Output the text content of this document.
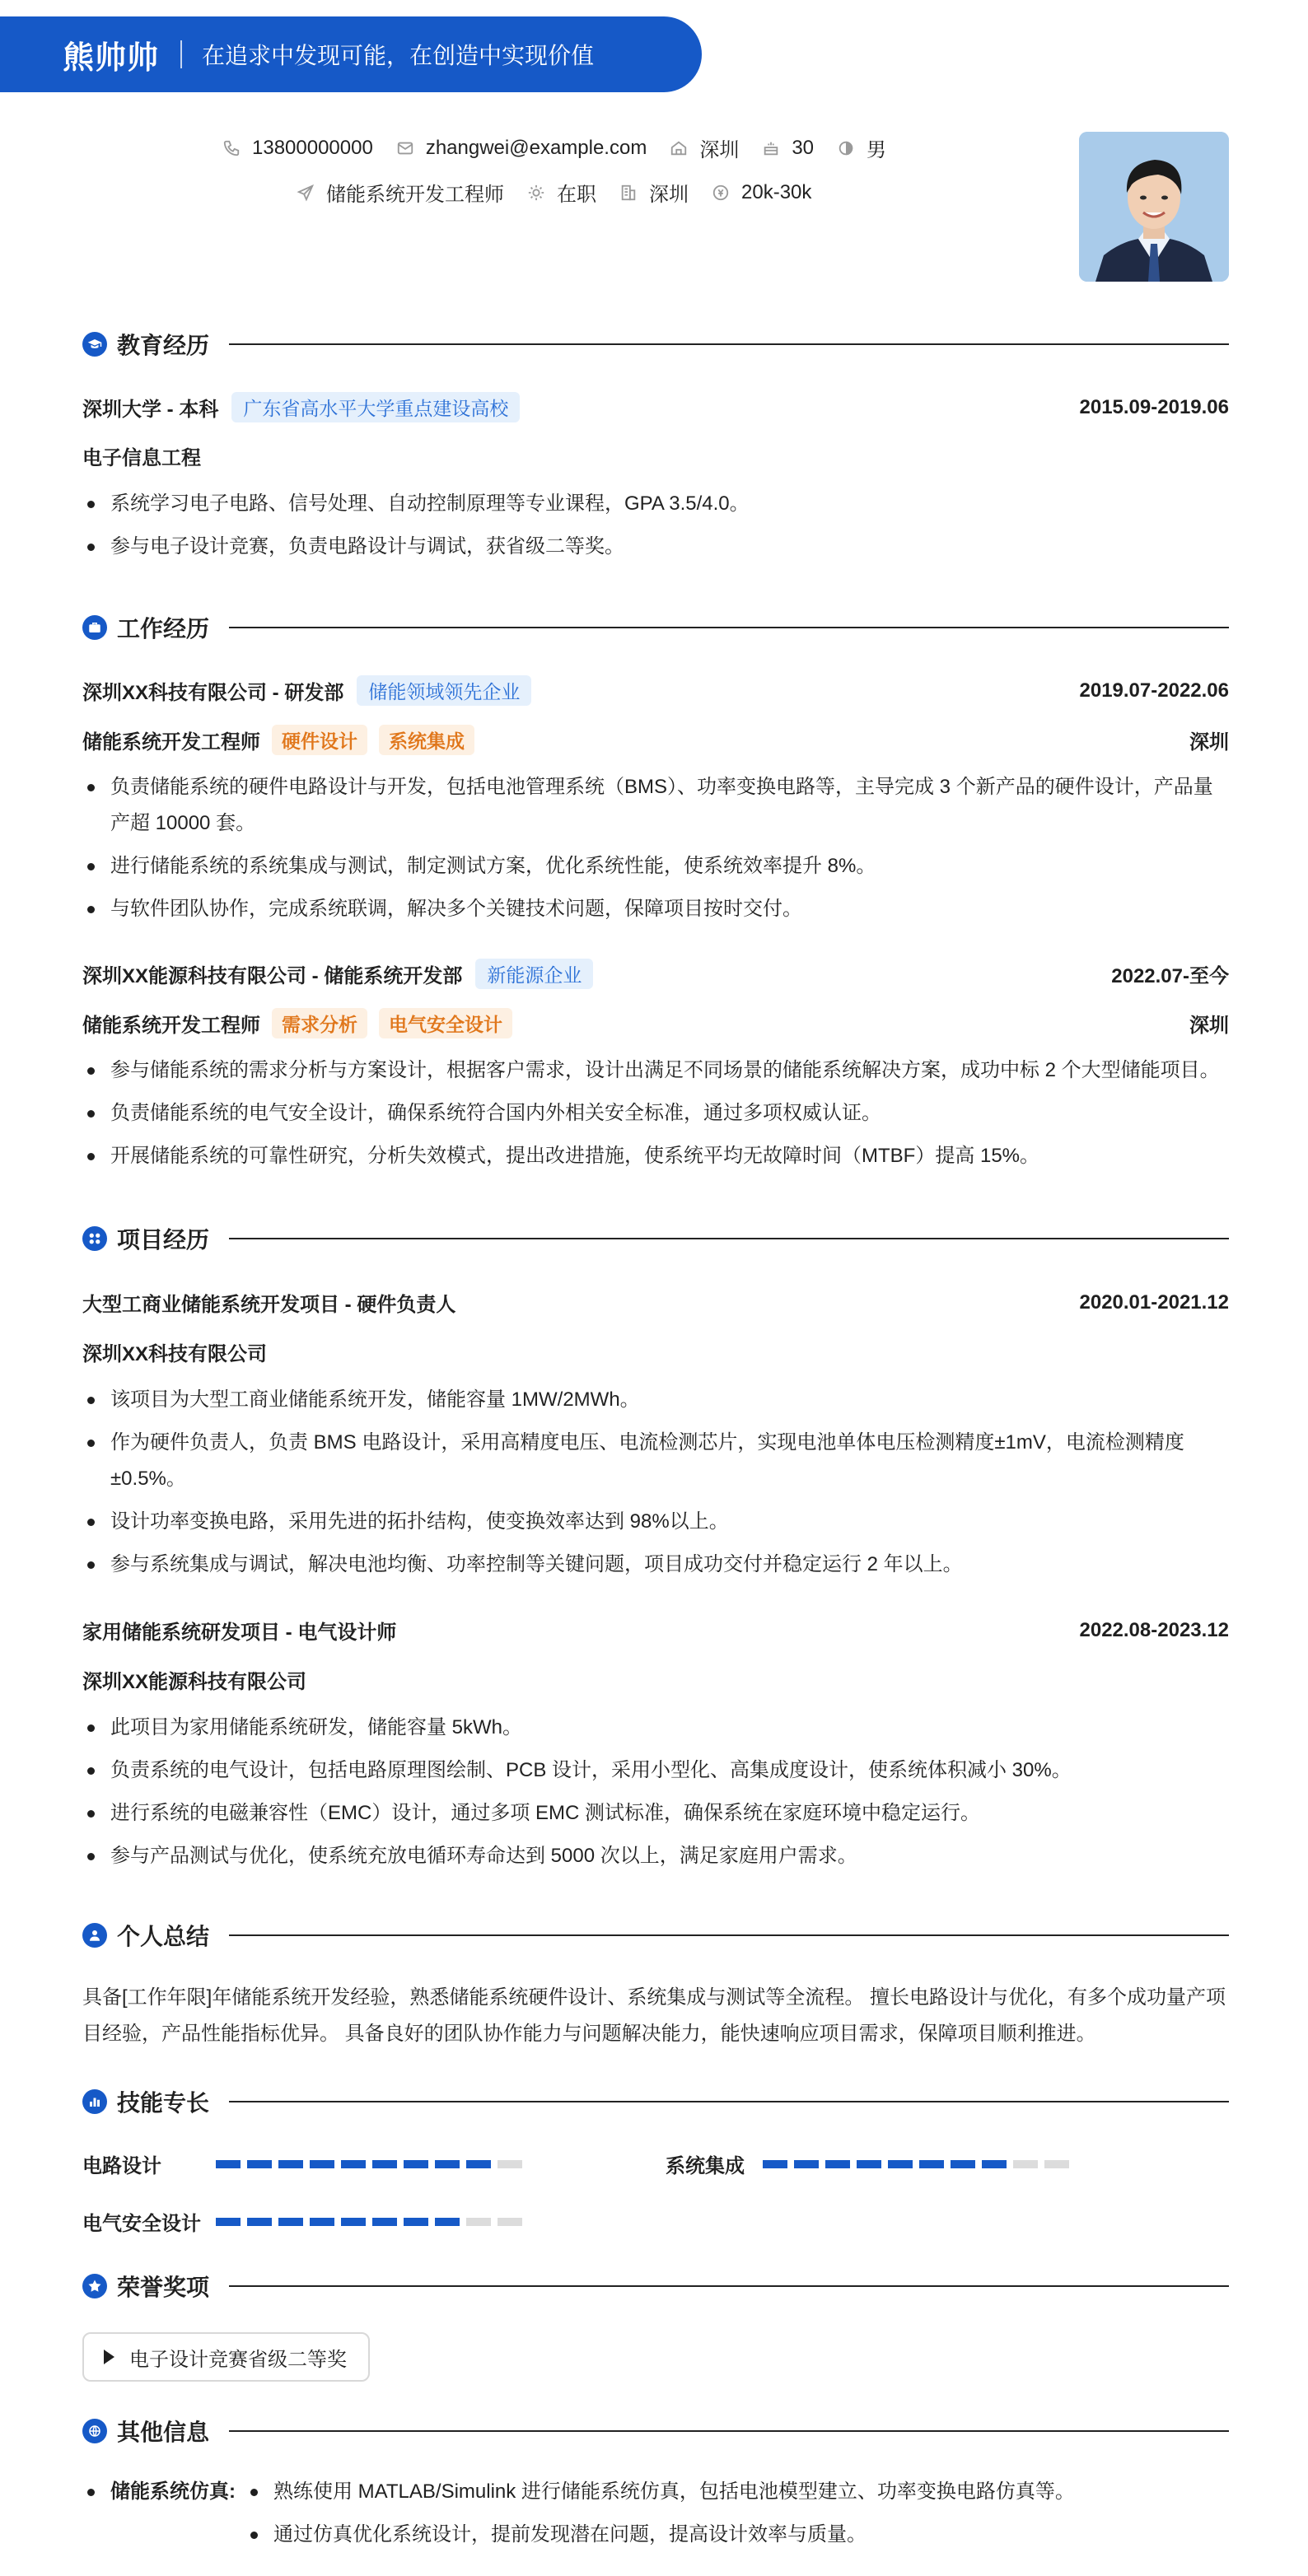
熊帅帅 在追求中发现可能，在创造中实现价值
13800000000	zhangwei@example.com	深圳	30	男
储能系统开发工程师	在职	深圳	20k-30k
教育经历
深圳大学 - 本科	广东省高水平大学重点建设高校	2015.09-2019.06
电子信息工程
系统学习电子电路、信号处理、自动控制原理等专业课程，GPA 3.5/4.0。
参与电子设计竞赛，负责电路设计与调试，获省级二等奖。
工作经历
深圳XX科技有限公司 - 研发部	储能领域领先企业	2019.07-2022.06
储能系统开发工程师	硬件设计	系统集成	深圳
负责储能系统的硬件电路设计与开发，包括电池管理系统（BMS）、功率变换电路等，主导完成 3 个新产品的硬件设计，产品量产超 10000 套。
进行储能系统的系统集成与测试，制定测试方案，优化系统性能，使系统效率提升 8%。
与软件团队协作，完成系统联调，解决多个关键技术问题，保障项目按时交付。
深圳XX能源科技有限公司 - 储能系统开发部	新能源企业	2022.07-至今
储能系统开发工程师	需求分析	电气安全设计	深圳
参与储能系统的需求分析与方案设计，根据客户需求，设计出满足不同场景的储能系统解决方案，成功中标 2 个大型储能项目。
负责储能系统的电气安全设计，确保系统符合国内外相关安全标准，通过多项权威认证。
开展储能系统的可靠性研究，分析失效模式，提出改进措施，使系统平均无故障时间（MTBF）提高 15%。
项目经历
大型工商业储能系统开发项目 - 硬件负责人	2020.01-2021.12
深圳XX科技有限公司
该项目为大型工商业储能系统开发，储能容量 1MW/2MWh。
作为硬件负责人，负责 BMS 电路设计，采用高精度电压、电流检测芯片，实现电池单体电压检测精度±1mV，电流检测精度±0.5%。
设计功率变换电路，采用先进的拓扑结构，使变换效率达到 98%以上。
参与系统集成与调试，解决电池均衡、功率控制等关键问题，项目成功交付并稳定运行 2 年以上。
家用储能系统研发项目 - 电气设计师	2022.08-2023.12
深圳XX能源科技有限公司
此项目为家用储能系统研发，储能容量 5kWh。
负责系统的电气设计，包括电路原理图绘制、PCB 设计，采用小型化、高集成度设计，使系统体积减小 30%。
进行系统的电磁兼容性（EMC）设计，通过多项 EMC 测试标准，确保系统在家庭环境中稳定运行。
参与产品测试与优化，使系统充放电循环寿命达到 5000 次以上，满足家庭用户需求。
个人总结

具备[工作年限]年储能系统开发经验，熟悉储能系统硬件设计、系统集成与测试等全流程。 擅长电路设计与优化，有多个成功量产项目经验，产品性能指标优异。 具备良好的团队协作能力与问题解决能力，能快速响应项目需求，保障项目顺利推进。

技能专长
电路设计	系统集成
电气安全设计
荣誉奖项
电子设计竞赛省级二等奖
其他信息
储能系统仿真:	熟练使用 MATLAB/Simulink 进行储能系统仿真，包括电池模型建立、功率变换电路仿真等。
通过仿真优化系统设计，提前发现潜在问题，提高设计效率与质量。
